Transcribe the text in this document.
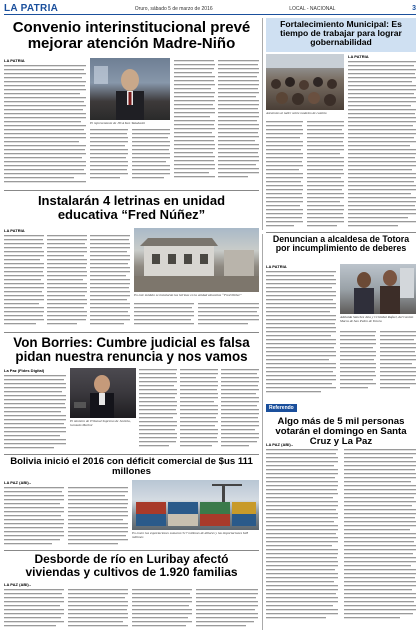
LA PATRIA	Oruro, sábado 5 de marzo de 2016	LOCAL - NACIONAL	3
Convenio interinstitucional prevé mejorar atención Madre-Niño
LA PATRIA
El representante de JICA Ken Takahashi
Fortalecimiento Municipal: Es tiempo de trabajar para lograr gobernabilidad
Asistentes al taller sobre modelos de cambio
LA PATRIA
Instalarán 4 letrinas en unidad educativa “Fred Núñez”
LA PATRIA
En este módulo se instalarán las letrinas en la unidad educativa “Fred Núñez”
Denuncian a alcaldesa de Totora por incumplimiento de deberes
LA PATRIA
Adelaida Sánchez Jala y Cristóbal Rafael, del Cantón Marca de San Pedro de Totora
Von Borries: Cumbre judicial es falsa pidan nuestra renuncia y nos vamos
La Paz (Fides Digital)
El ministro de Tribunal Supremo de Justicia, Gonzalo Mariné
Bolivia inició el 2016 con déficit comercial de $us 111 millones
LA PAZ (ABI).-
En enero las exportaciones sumaron 517 millones de dólares y las importaciones 628 millones
Referendo
Algo más de 5 mil personas votarán el domingo en Santa Cruz y La Paz
LA PAZ (ABI).-
Desborde de río en Luribay afectó viviendas y cultivos de 1.920 familias
LA PAZ (ABI).-
